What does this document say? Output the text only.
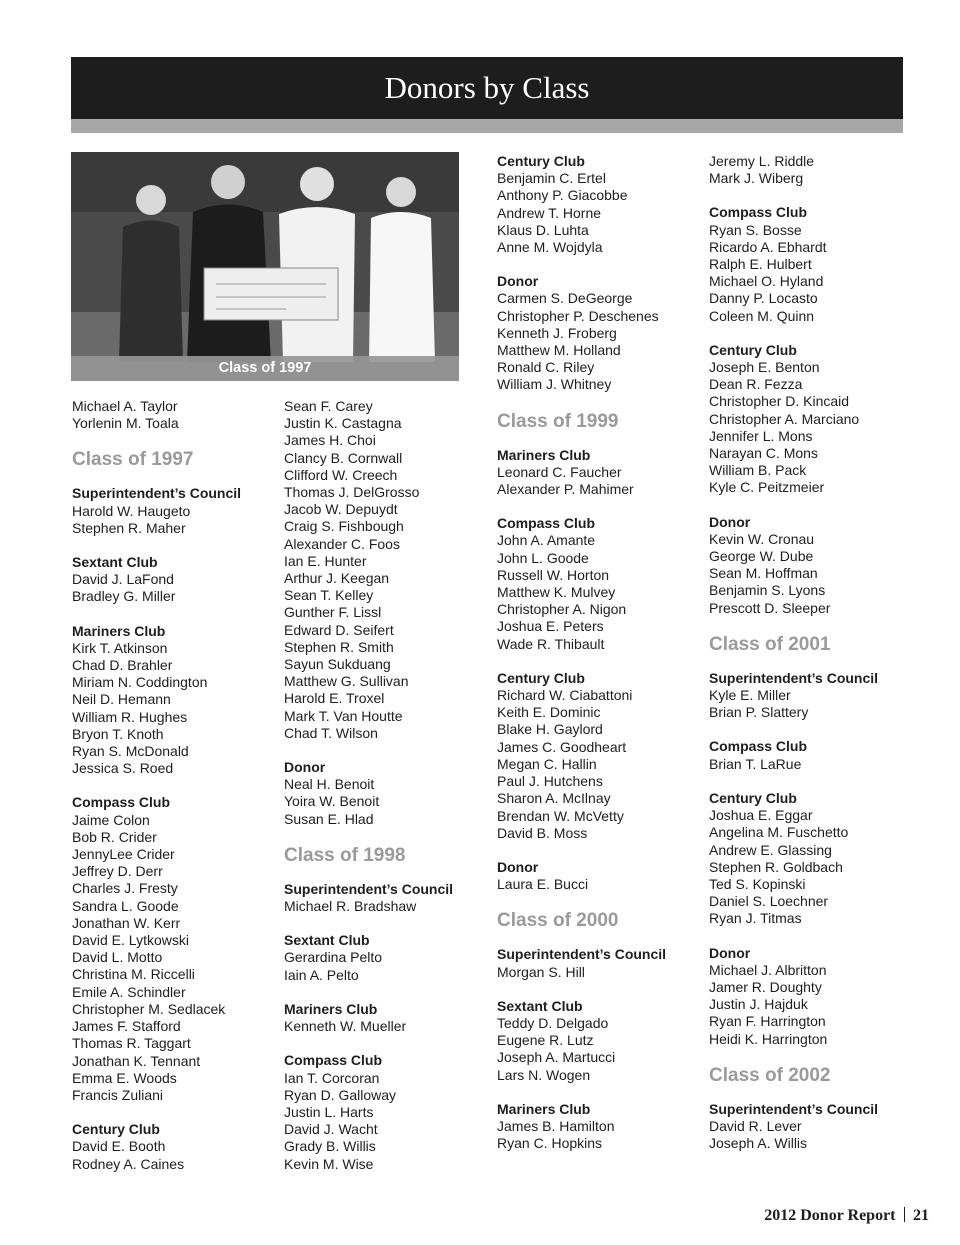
Donors by Class
Class of 1997
Michael A. Taylor
Yorlenin M. Toala
Class of 1997
Superintendent’s Council
Harold W. Haugeto
Stephen R. Maher
Sextant Club
David J. LaFond
Bradley G. Miller
Mariners Club
Kirk T. Atkinson
Chad D. Brahler
Miriam N. Coddington
Neil D. Hemann
William R. Hughes
Bryon T. Knoth
Ryan S. McDonald
Jessica S. Roed
Compass Club
Jaime Colon
Bob R. Crider
JennyLee Crider
Jeffrey D. Derr
Charles J. Fresty
Sandra L. Goode
Jonathan W. Kerr
David E. Lytkowski
David L. Motto
Christina M. Riccelli
Emile A. Schindler
Christopher M. Sedlacek
James F. Stafford
Thomas R. Taggart
Jonathan K. Tennant
Emma E. Woods
Francis Zuliani
Century Club
David E. Booth
Rodney A. Caines
Sean F. Carey
Justin K. Castagna
James H. Choi
Clancy B. Cornwall
Clifford W. Creech
Thomas J. DelGrosso
Jacob W. Depuydt
Craig S. Fishbough
Alexander C. Foos
Ian E. Hunter
Arthur J. Keegan
Sean T. Kelley
Gunther F. Lissl
Edward D. Seifert
Stephen R. Smith
Sayun Sukduang
Matthew G. Sullivan
Harold E. Troxel
Mark T. Van Houtte
Chad T. Wilson
Donor
Neal H. Benoit
Yoira W. Benoit
Susan E. Hlad
Class of 1998
Superintendent’s Council
Michael R. Bradshaw
Sextant Club
Gerardina Pelto
Iain A. Pelto
Mariners Club
Kenneth W. Mueller
Compass Club
Ian T. Corcoran
Ryan D. Galloway
Justin L. Harts
David J. Wacht
Grady B. Willis
Kevin M. Wise
Century Club
Benjamin C. Ertel
Anthony P. Giacobbe
Andrew T. Horne
Klaus D. Luhta
Anne M. Wojdyla
Donor
Carmen S. DeGeorge
Christopher P. Deschenes
Kenneth J. Froberg
Matthew M. Holland
Ronald C. Riley
William J. Whitney
Class of 1999
Mariners Club
Leonard C. Faucher
Alexander P. Mahimer
Compass Club
John A. Amante
John L. Goode
Russell W. Horton
Matthew K. Mulvey
Christopher A. Nigon
Joshua E. Peters
Wade R. Thibault
Century Club
Richard W. Ciabattoni
Keith E. Dominic
Blake H. Gaylord
James C. Goodheart
Megan C. Hallin
Paul J. Hutchens
Sharon A. McIlnay
Brendan W. McVetty
David B. Moss
Donor
Laura E. Bucci
Class of 2000
Superintendent’s Council
Morgan S. Hill
Sextant Club
Teddy D. Delgado
Eugene R. Lutz
Joseph A. Martucci
Lars N. Wogen
Mariners Club
James B. Hamilton
Ryan C. Hopkins
Jeremy L. Riddle
Mark J. Wiberg
Compass Club
Ryan S. Bosse
Ricardo A. Ebhardt
Ralph E. Hulbert
Michael O. Hyland
Danny P. Locasto
Coleen M. Quinn
Century Club
Joseph E. Benton
Dean R. Fezza
Christopher D. Kincaid
Christopher A. Marciano
Jennifer L. Mons
Narayan C. Mons
William B. Pack
Kyle C. Peitzmeier
Donor
Kevin W. Cronau
George W. Dube
Sean M. Hoffman
Benjamin S. Lyons
Prescott D. Sleeper
Class of 2001
Superintendent’s Council
Kyle E. Miller
Brian P. Slattery
Compass Club
Brian T. LaRue
Century Club
Joshua E. Eggar
Angelina M. Fuschetto
Andrew E. Glassing
Stephen R. Goldbach
Ted S. Kopinski
Daniel S. Loechner
Ryan J. Titmas
Donor
Michael J. Albritton
Jamer R. Doughty
Justin J. Hajduk
Ryan F. Harrington
Heidi K. Harrington
Class of 2002
Superintendent’s Council
David R. Lever
Joseph A. Willis
2012 Donor Report 21
